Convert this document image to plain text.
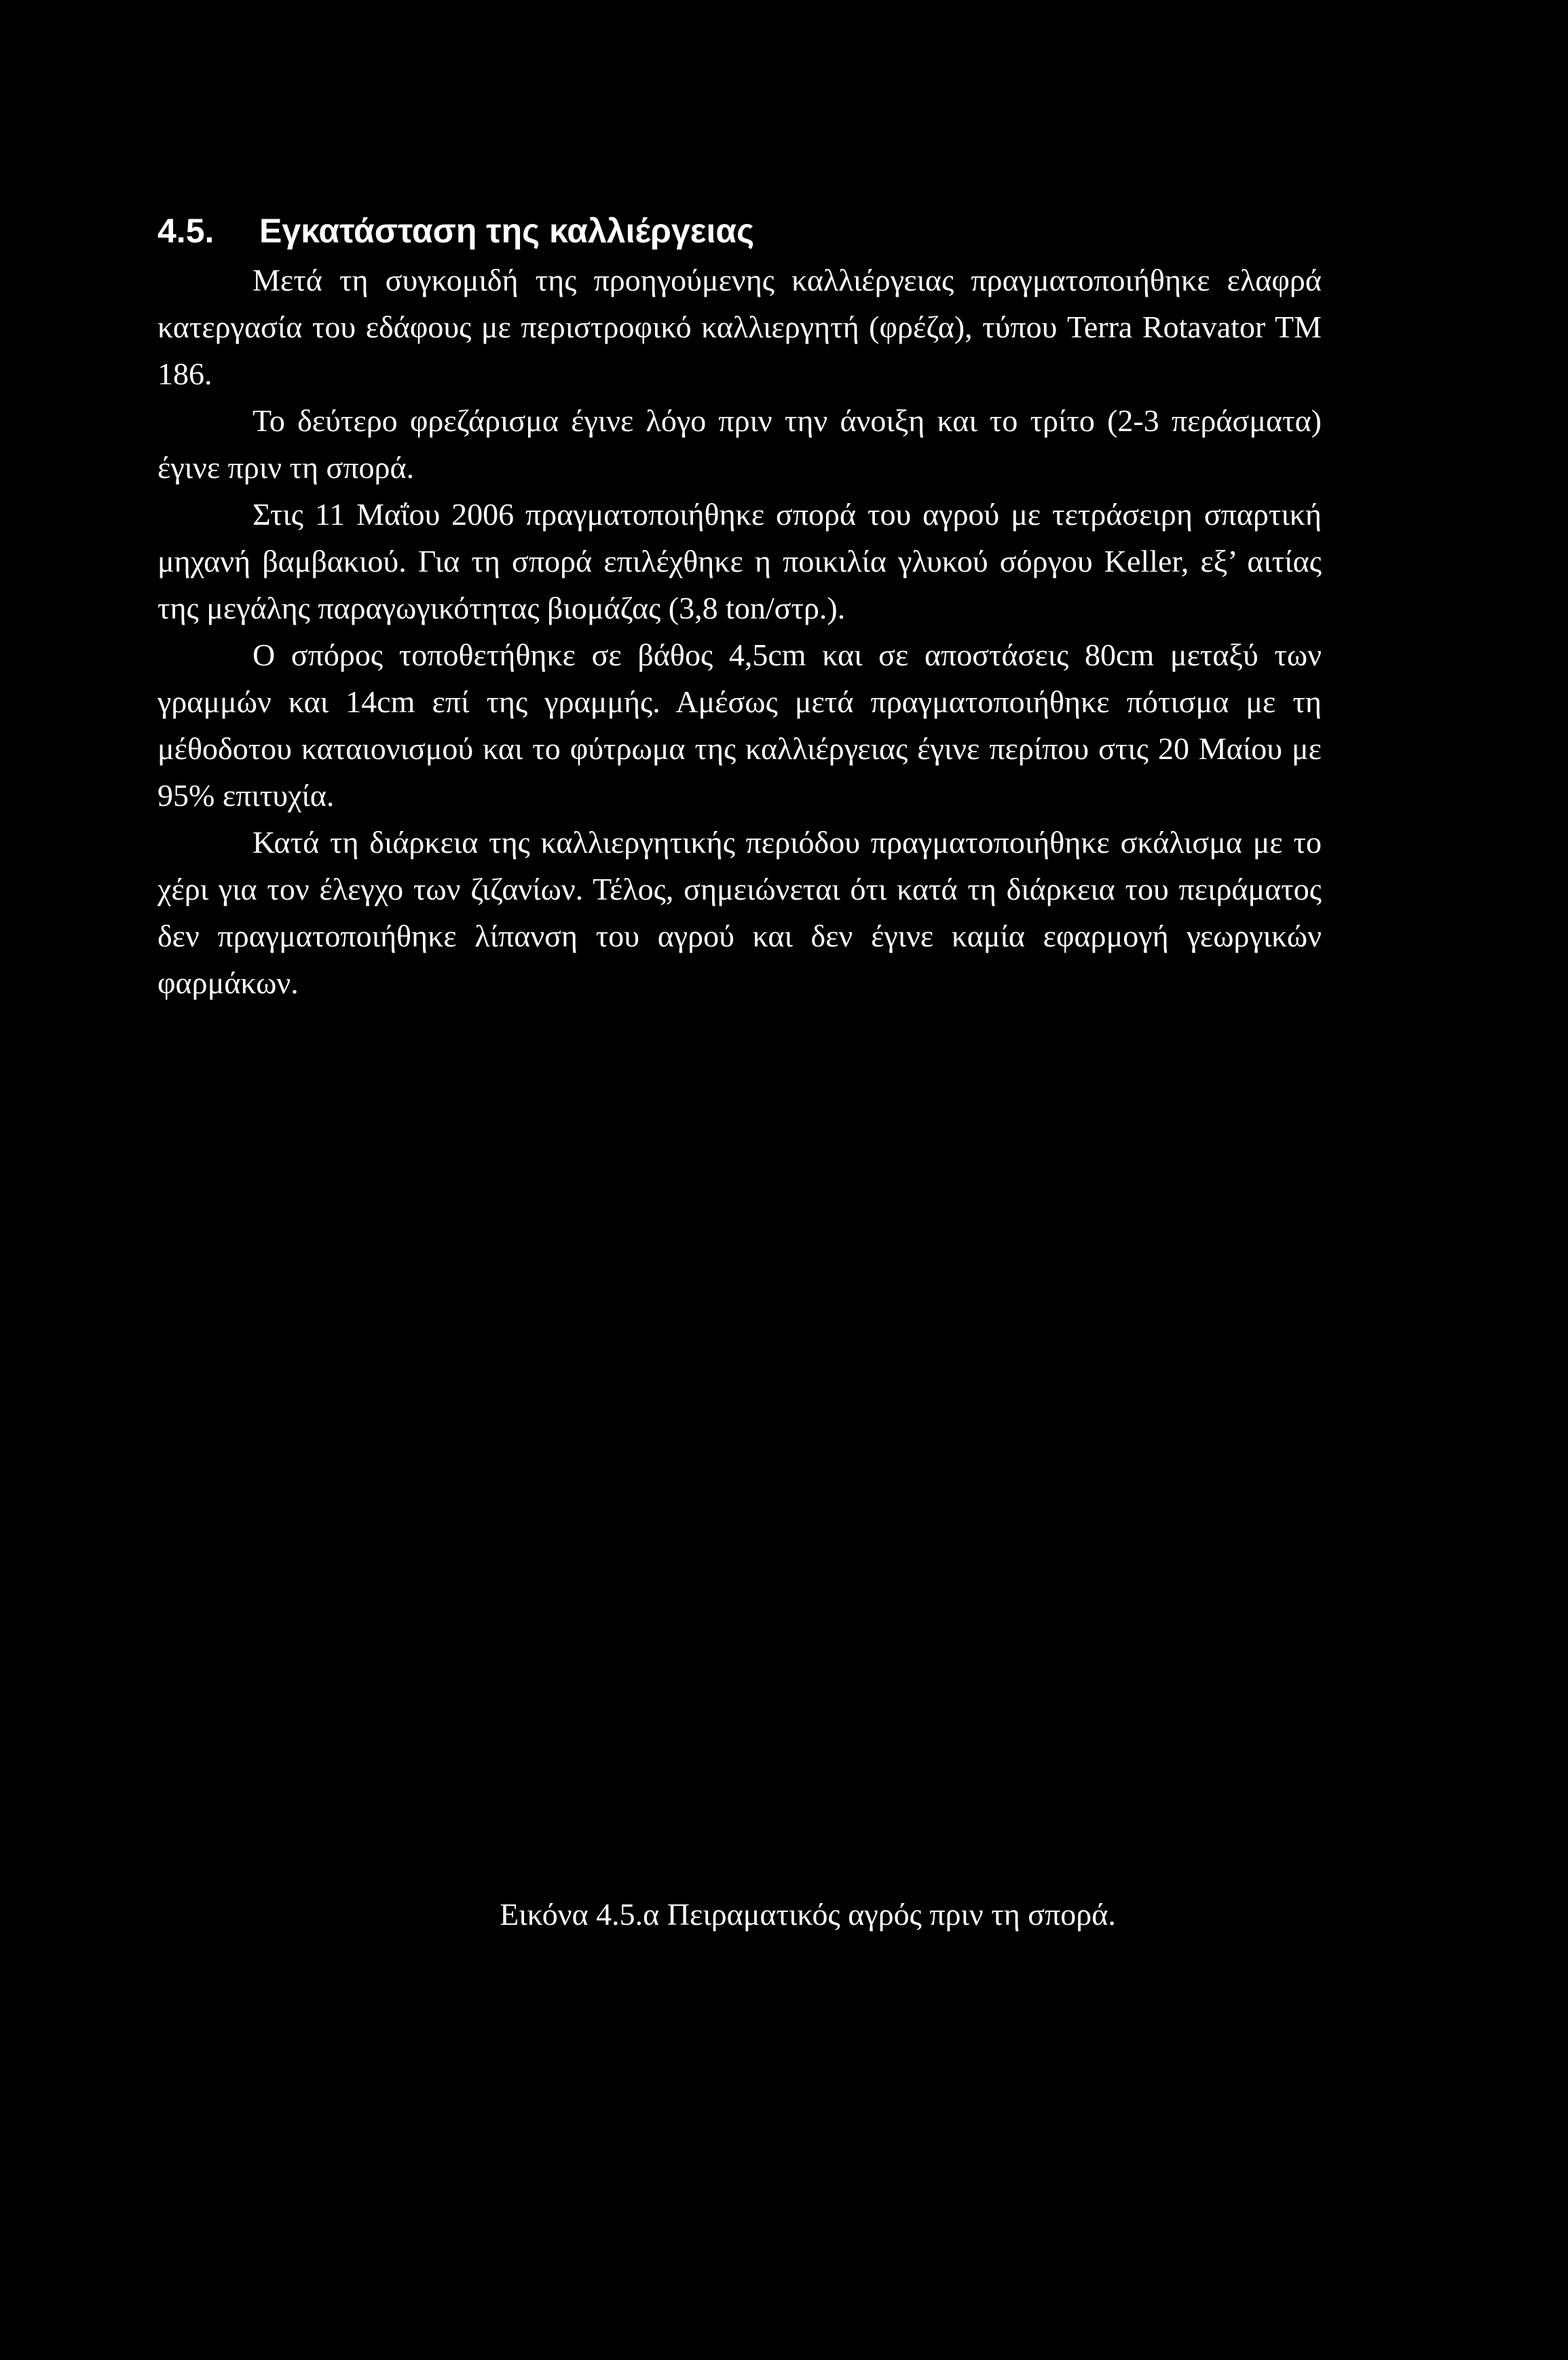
4.5. Εγκατάσταση της καλλιέργειας

Μετά τη συγκομιδή της προηγούμενης καλλιέργειας πραγματοποιήθηκε ελαφρά κατεργασία του εδάφους με περιστροφικό καλλιεργητή (φρέζα), τύπου Terra Rotavator TM 186.

Το δεύτερο φρεζάρισμα έγινε λόγο πριν την άνοιξη και το τρίτο (2-3 περάσματα) έγινε πριν τη σπορά.

Στις 11 Μαΐου 2006 πραγματοποιήθηκε σπορά του αγρού με τετράσειρη σπαρτική μηχανή βαμβακιού. Για τη σπορά επιλέχθηκε η ποικιλία γλυκού σόργου Keller, εξ’ αιτίας της μεγάλης παραγωγικότητας βιομάζας (3,8 ton/στρ.).

Ο σπόρος τοποθετήθηκε σε βάθος 4,5cm και σε αποστάσεις 80cm μεταξύ των γραμμών και 14cm επί της γραμμής. Αμέσως μετά πραγματοποιήθηκε πότισμα με τη μέθοδοτου καταιονισμού και το φύτρωμα της καλλιέργειας έγινε περίπου στις 20 Μαίου με 95% επιτυχία.

Κατά τη διάρκεια της καλλιεργητικής περιόδου πραγματοποιήθηκε σκάλισμα με το χέρι για τον έλεγχο των ζιζανίων. Τέλος, σημειώνεται ότι κατά τη διάρκεια του πειράματος δεν πραγματοποιήθηκε λίπανση του αγρού και δεν έγινε καμία εφαρμογή γεωργικών φαρμάκων.

Εικόνα 4.5.α Πειραματικός αγρός πριν τη σπορά.
